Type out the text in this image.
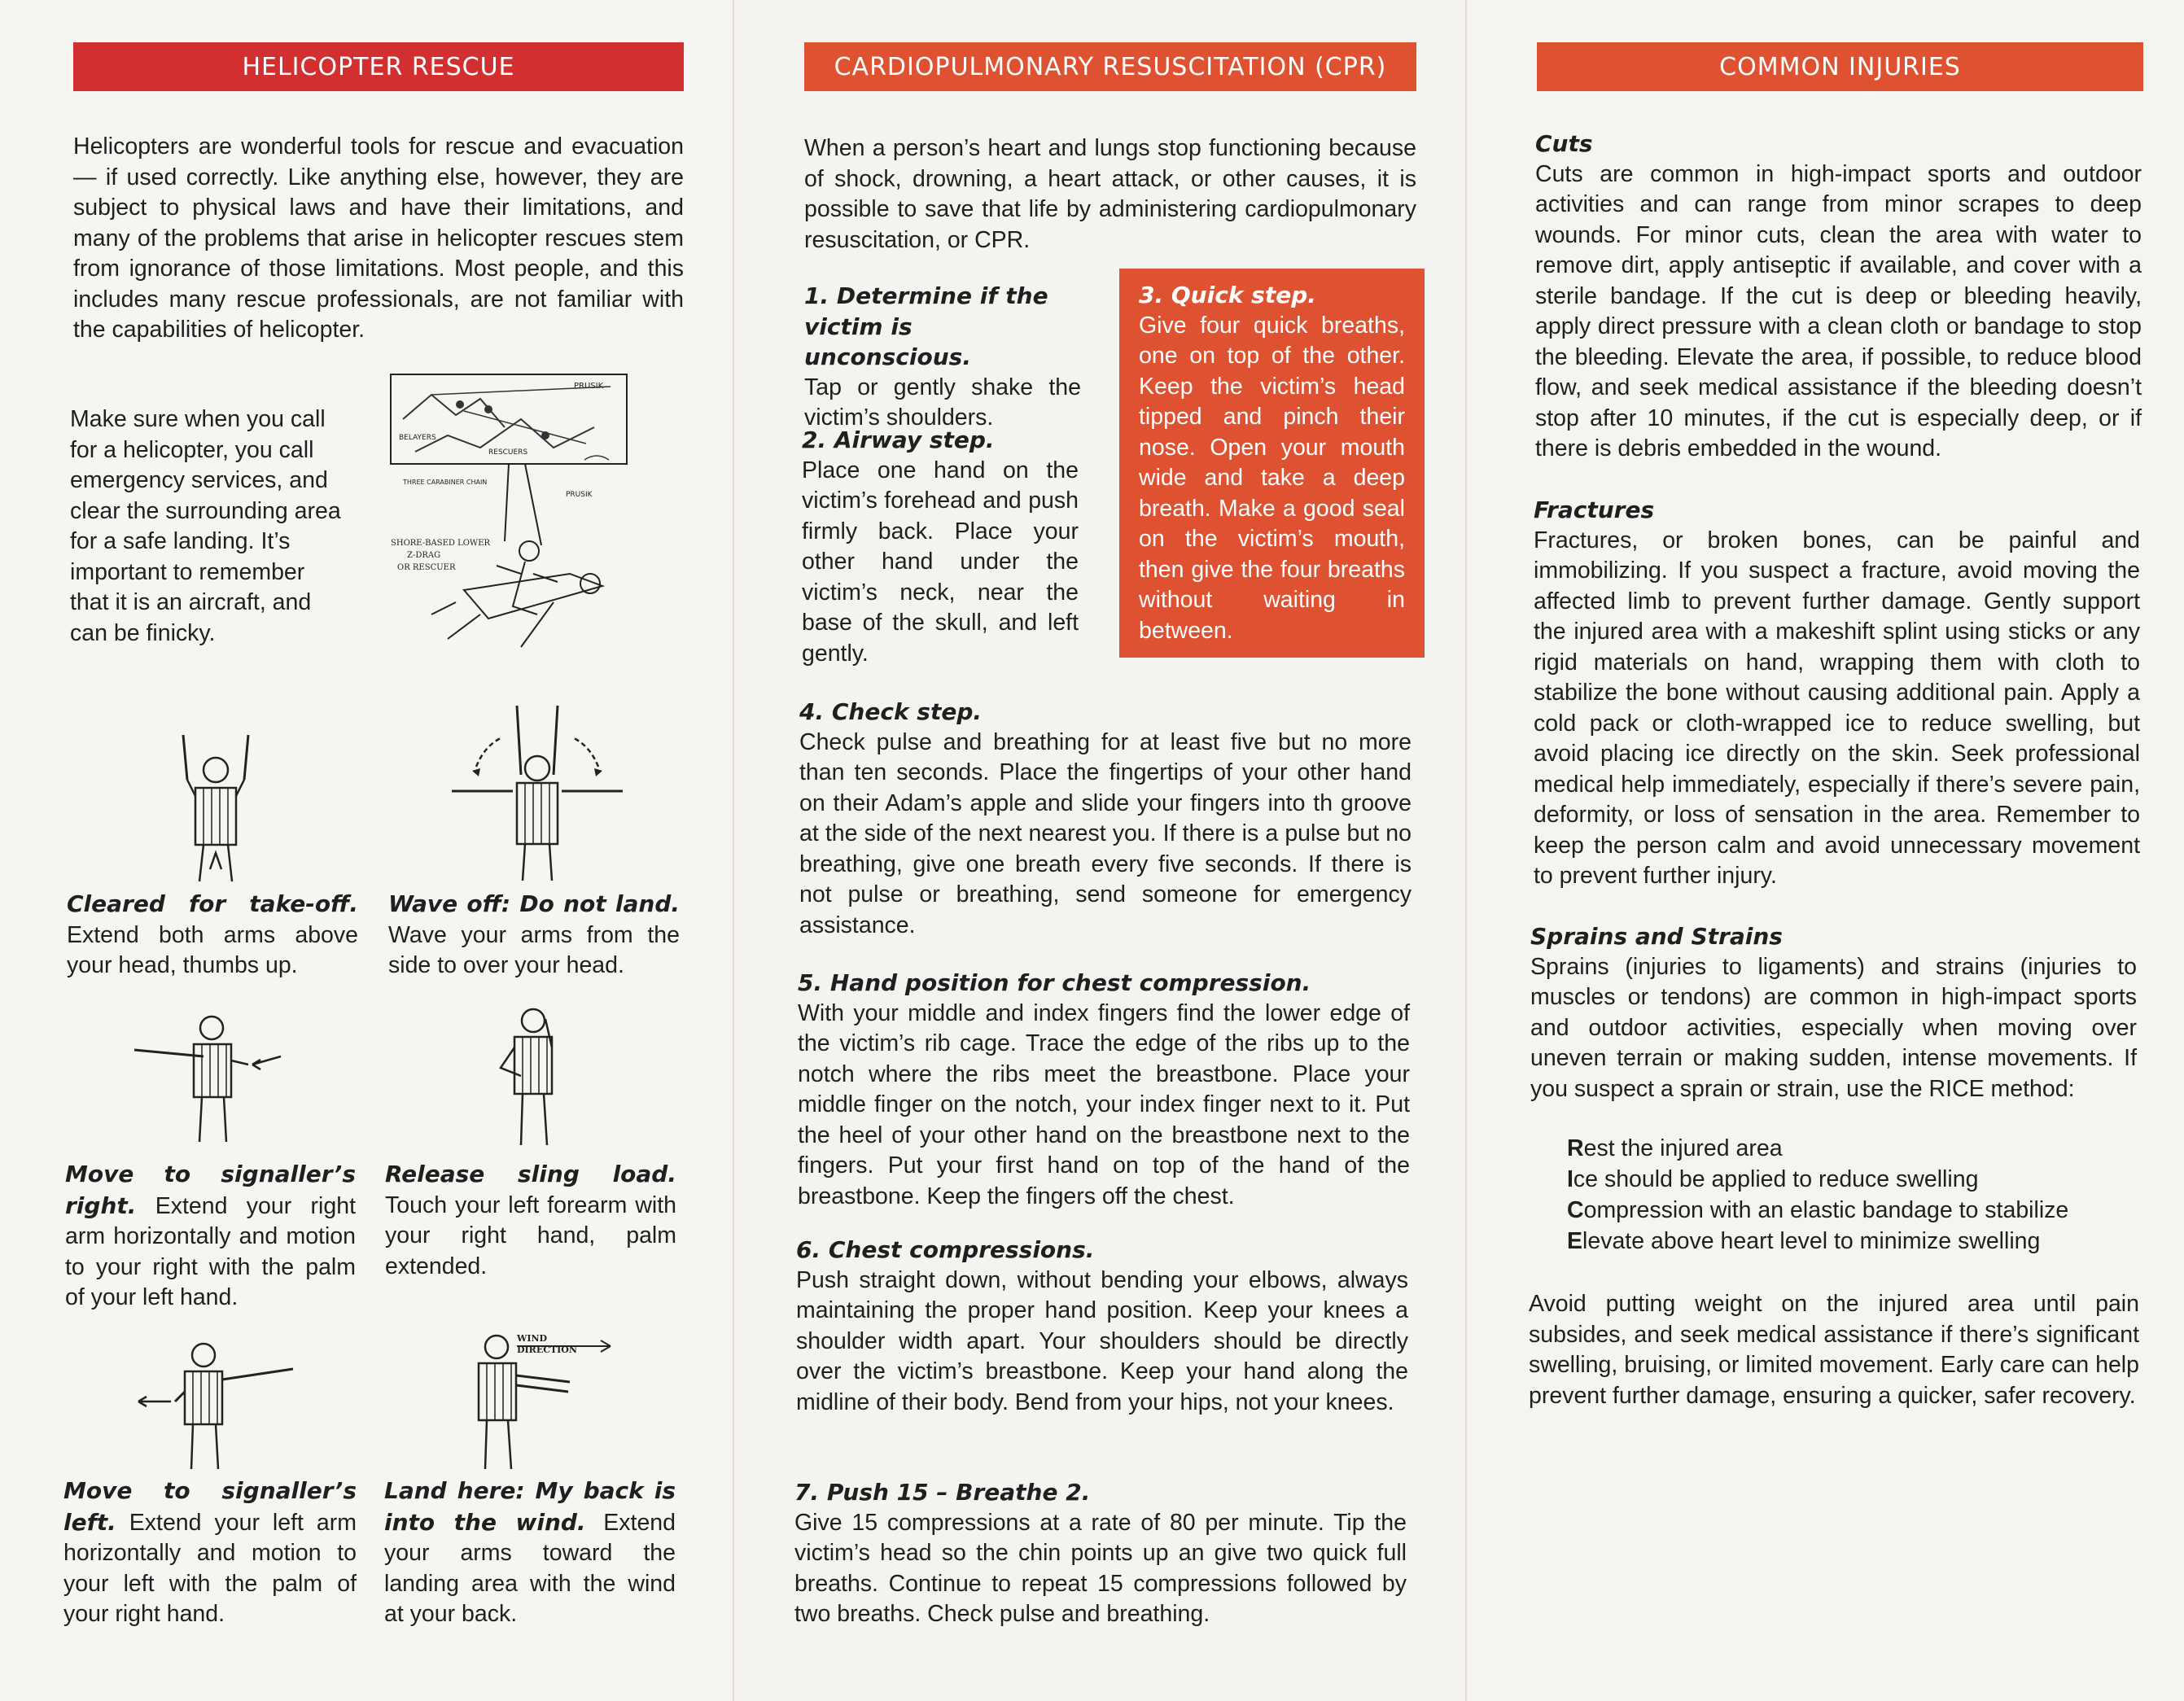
HELICOPTER RESCUE

Helicopters are wonderful tools for rescue and evacuation— if used correctly. Like anything else, however, they are subject to physical laws and have their limitations, and many of the problems that arise in helicopter rescues stem from ignorance of those limitations. Most people, and this includes many rescue professionals, are not familiar with the capabilities of helicopter.

Make sure when you call for a helicopter, you call emergency services, and clear the surrounding area for a safe landing. It’s important to remember that it is an aircraft, and can be finicky.

PRUSIK
BELAYERS
RESCUERS
THREE CARABINER CHAIN
PRUSIK
SHORE-BASED LOWER
Z-DRAG
OR RESCUER
WIND
DIRECTION

Cleared for take-off. Extend both arms above your head, thumbs up.

Wave off: Do not land. Wave your arms from the side to over your head.

Move to signaller’s right. Extend your right arm horizontally and motion to your right with the palm of your left hand.

Release sling load. Touch your left forearm with your right hand, palm extended.

Move to signaller’s left. Extend your left arm horizontally and motion to your left with the palm of your right hand.

Land here: My back is into the wind. Extend your arms toward the landing area with the wind at your back.

CARDIOPULMONARY RESUSCITATION (CPR)

When a person’s heart and lungs stop functioning because of shock, drowning, a heart attack, or other causes, it is possible to save that life by administering cardiopulmonary resuscitation, or CPR.

1. Determine if the victim is unconscious.
Tap or gently shake the victim’s shoulders.
2. Airway step.
Place one hand on the victim’s forehead and push firmly back. Place your other hand under the victim’s neck, near the base of the skull, and left gently.
3. Quick step.
Give four quick breaths, one on top of the other. Keep the victim’s head tipped and pinch their nose. Open your mouth wide and take a deep breath. Make a good seal on the victim’s mouth, then give the four breaths without waiting in between.
4. Check step.
Check pulse and breathing for at least five but no more than ten seconds. Place the fingertips of your other hand on their Adam’s apple and slide your fingers into th groove at the side of the next nearest you. If there is a pulse but no breathing, give one breath every five seconds. If there is not pulse or breathing, send someone for emergency assistance.
5. Hand position for chest compression.
With your middle and index fingers find the lower edge of the victim’s rib cage. Trace the edge of the ribs up to the notch where the ribs meet the breastbone. Place your middle finger on the notch, your index finger next to it. Put the heel of your other hand on the breastbone next to the fingers. Put your first hand on top of the hand of the breastbone. Keep the fingers off the chest.
6. Chest compressions.
Push straight down, without bending your elbows, always maintaining the proper hand position. Keep your knees a shoulder width apart. Your shoulders should be directly over the victim’s breastbone. Keep your hand along the midline of their body. Bend from your hips, not your knees.
7. Push 15 – Breathe 2.
Give 15 compressions at a rate of 80 per minute. Tip the victim’s head so the chin points up an give two quick full breaths. Continue to repeat 15 compressions followed by two breaths. Check pulse and breathing.
COMMON INJURIES
Cuts
Cuts are common in high-impact sports and outdoor activities and can range from minor scrapes to deep wounds. For minor cuts, clean the area with water to remove dirt, apply antiseptic if available, and cover with a sterile bandage. If the cut is deep or bleeding heavily, apply direct pressure with a clean cloth or bandage to stop the bleeding. Elevate the area, if possible, to reduce blood flow, and seek medical assistance if the bleeding doesn’t stop after 10 minutes, if the cut is especially deep, or if there is debris embedded in the wound.
Fractures
Fractures, or broken bones, can be painful and immobilizing. If you suspect a fracture, avoid moving the affected limb to prevent further damage. Gently support the injured area with a makeshift splint using sticks or any rigid materials on hand, wrapping them with cloth to stabilize the bone without causing additional pain. Apply a cold pack or cloth-wrapped ice to reduce swelling, but avoid placing ice directly on the skin. Seek professional medical help immediately, especially if there’s severe pain, deformity, or loss of sensation in the area. Remember to keep the person calm and avoid unnecessary movement to prevent further injury.
Sprains and Strains
Sprains (injuries to ligaments) and strains (injuries to muscles or tendons) are common in high-impact sports and outdoor activities, especially when moving over uneven terrain or making sudden, intense movements. If you suspect a sprain or strain, use the RICE method:
Rest the injured area
Ice should be applied to reduce swelling
Compression with an elastic bandage to stabilize
Elevate above heart level to minimize swelling

Avoid putting weight on the injured area until pain subsides, and seek medical assistance if there’s significant swelling, bruising, or limited movement. Early care can help prevent further damage, ensuring a quicker, safer recovery.
